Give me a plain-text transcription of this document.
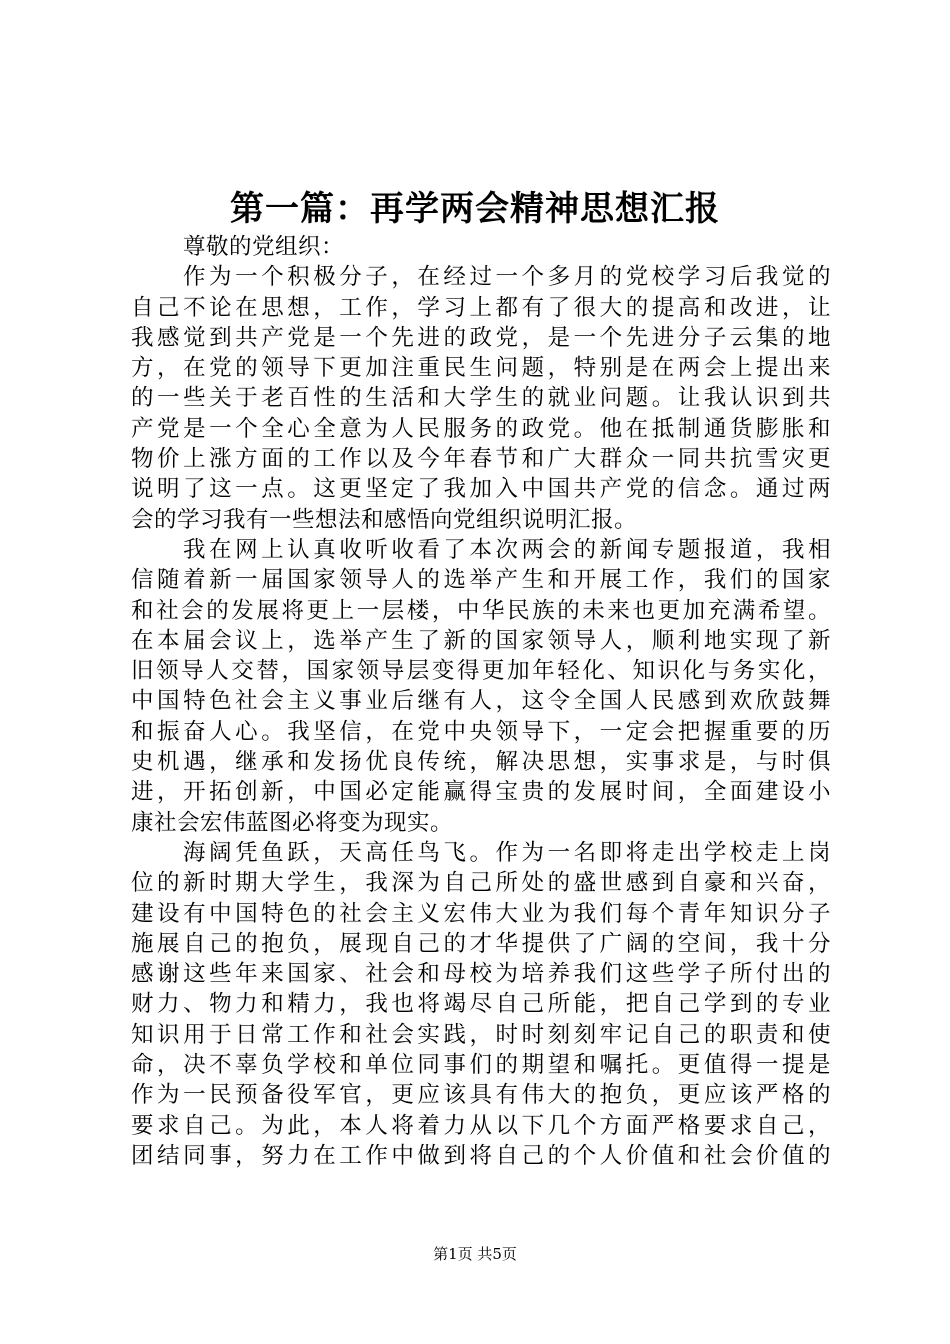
第一篇：再学两会精神思想汇报
尊敬的党组织：
作为一个积极分子，在经过一个多月的党校学习后我觉的
自己不论在思想，工作，学习上都有了很大的提高和改进，让
我感觉到共产党是一个先进的政党，是一个先进分子云集的地
方，在党的领导下更加注重民生问题，特别是在两会上提出来
的一些关于老百性的生活和大学生的就业问题。让我认识到共
产党是一个全心全意为人民服务的政党。他在抵制通货膨胀和
物价上涨方面的工作以及今年春节和广大群众一同共抗雪灾更
说明了这一点。这更坚定了我加入中国共产党的信念。通过两
会的学习我有一些想法和感悟向党组织说明汇报。
我在网上认真收听收看了本次两会的新闻专题报道，我相
信随着新一届国家领导人的选举产生和开展工作，我们的国家
和社会的发展将更上一层楼，中华民族的未来也更加充满希望。
在本届会议上，选举产生了新的国家领导人，顺利地实现了新
旧领导人交替，国家领导层变得更加年轻化、知识化与务实化，
中国特色社会主义事业后继有人，这令全国人民感到欢欣鼓舞
和振奋人心。我坚信，在党中央领导下，一定会把握重要的历
史机遇，继承和发扬优良传统，解决思想，实事求是，与时俱
进，开拓创新，中国必定能赢得宝贵的发展时间，全面建设小
康社会宏伟蓝图必将变为现实。
海阔凭鱼跃，天高任鸟飞。作为一名即将走出学校走上岗
位的新时期大学生，我深为自己所处的盛世感到自豪和兴奋，
建设有中国特色的社会主义宏伟大业为我们每个青年知识分子
施展自己的抱负，展现自己的才华提供了广阔的空间，我十分
感谢这些年来国家、社会和母校为培养我们这些学子所付出的
财力、物力和精力，我也将竭尽自己所能，把自己学到的专业
知识用于日常工作和社会实践，时时刻刻牢记自己的职责和使
命，决不辜负学校和单位同事们的期望和嘱托。更值得一提是
作为一民预备役军官，更应该具有伟大的抱负，更应该严格的
要求自己。为此，本人将着力从以下几个方面严格要求自己，
团结同事，努力在工作中做到将自己的个人价值和社会价值的
第1页 共5页
